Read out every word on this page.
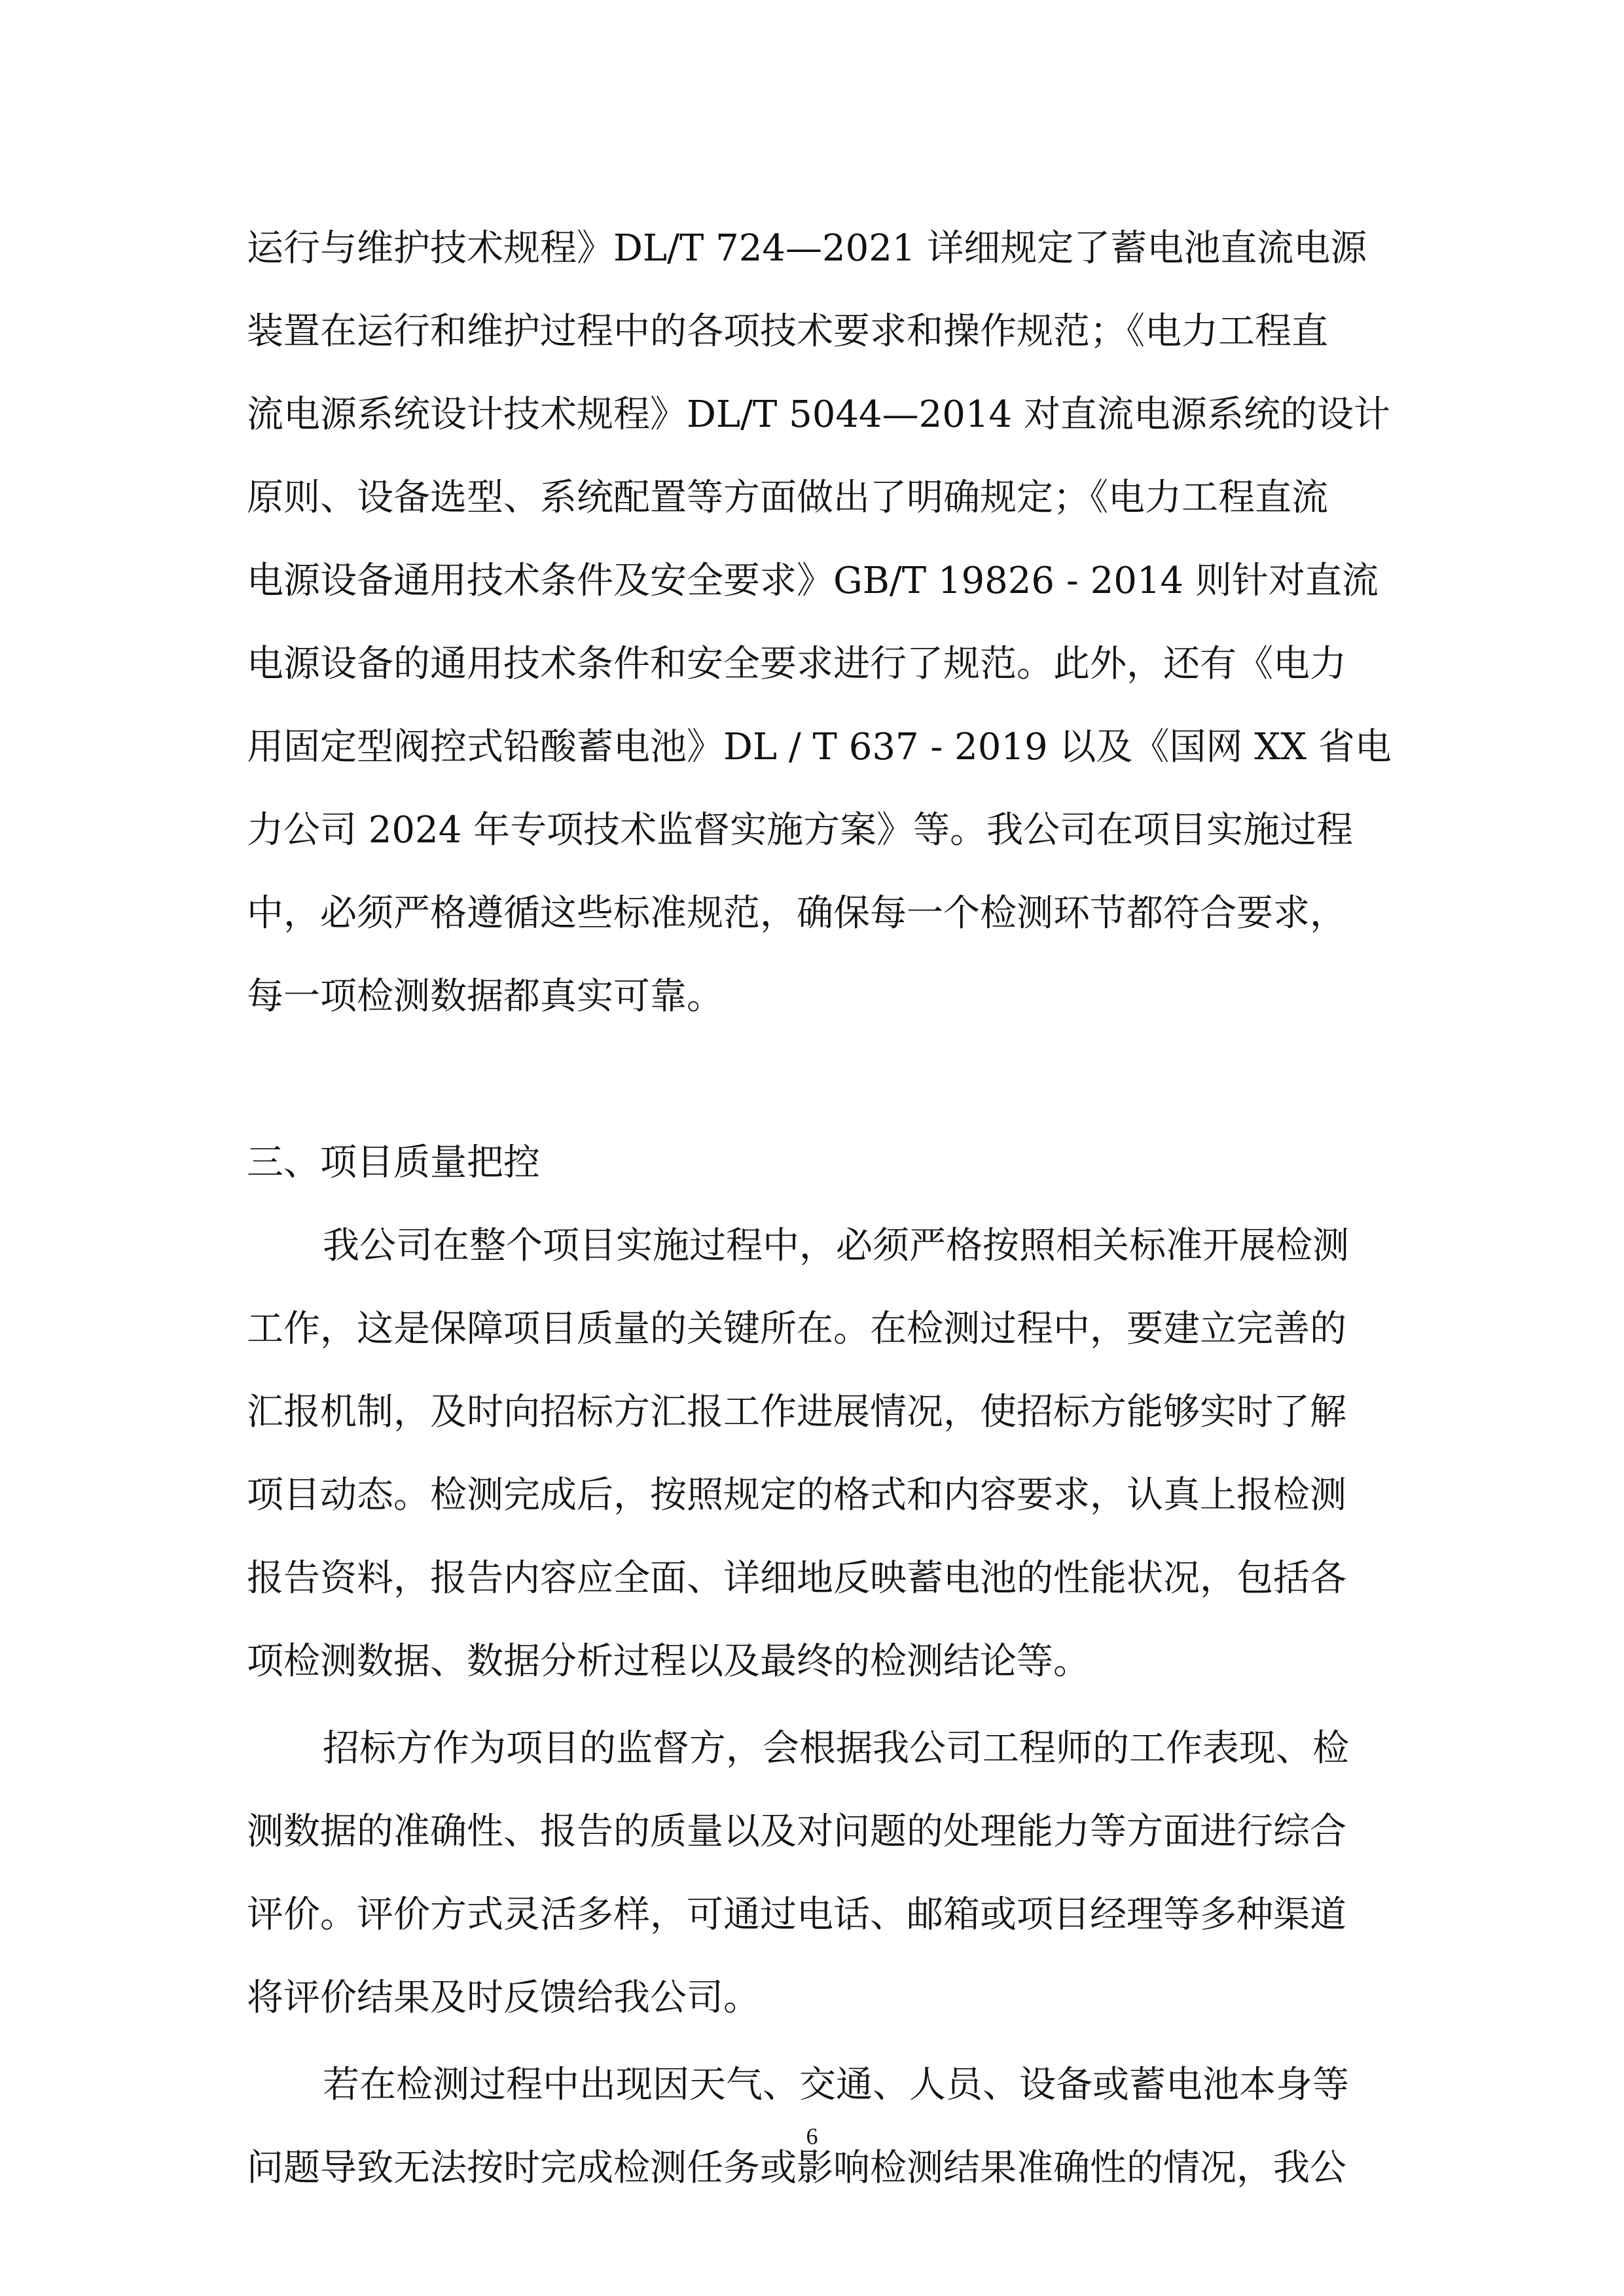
运行与维护技术规程》DL/T 724—2021 详细规定了蓄电池直流电源
装置在运行和维护过程中的各项技术要求和操作规范；《电力工程直
流电源系统设计技术规程》DL/T 5044—2014 对直流电源系统的设计
原则、设备选型、系统配置等方面做出了明确规定；《电力工程直流
电源设备通用技术条件及安全要求》GB/T 19826 - 2014 则针对直流
电源设备的通用技术条件和安全要求进行了规范。此外，还有《电力
用固定型阀控式铅酸蓄电池》DL / T 637 - 2019 以及《国网 XX 省电
力公司 2024 年专项技术监督实施方案》等。我公司在项目实施过程
中，必须严格遵循这些标准规范，确保每一个检测环节都符合要求，
每一项检测数据都真实可靠。
三、项目质量把控
我公司在整个项目实施过程中，必须严格按照相关标准开展检测
工作，这是保障项目质量的关键所在。在检测过程中，要建立完善的
汇报机制，及时向招标方汇报工作进展情况，使招标方能够实时了解
项目动态。检测完成后，按照规定的格式和内容要求，认真上报检测
报告资料，报告内容应全面、详细地反映蓄电池的性能状况，包括各
项检测数据、数据分析过程以及最终的检测结论等。
招标方作为项目的监督方，会根据我公司工程师的工作表现、检
测数据的准确性、报告的质量以及对问题的处理能力等方面进行综合
评价。评价方式灵活多样，可通过电话、邮箱或项目经理等多种渠道
将评价结果及时反馈给我公司。
若在检测过程中出现因天气、交通、人员、设备或蓄电池本身等
问题导致无法按时完成检测任务或影响检测结果准确性的情况，我公
6
